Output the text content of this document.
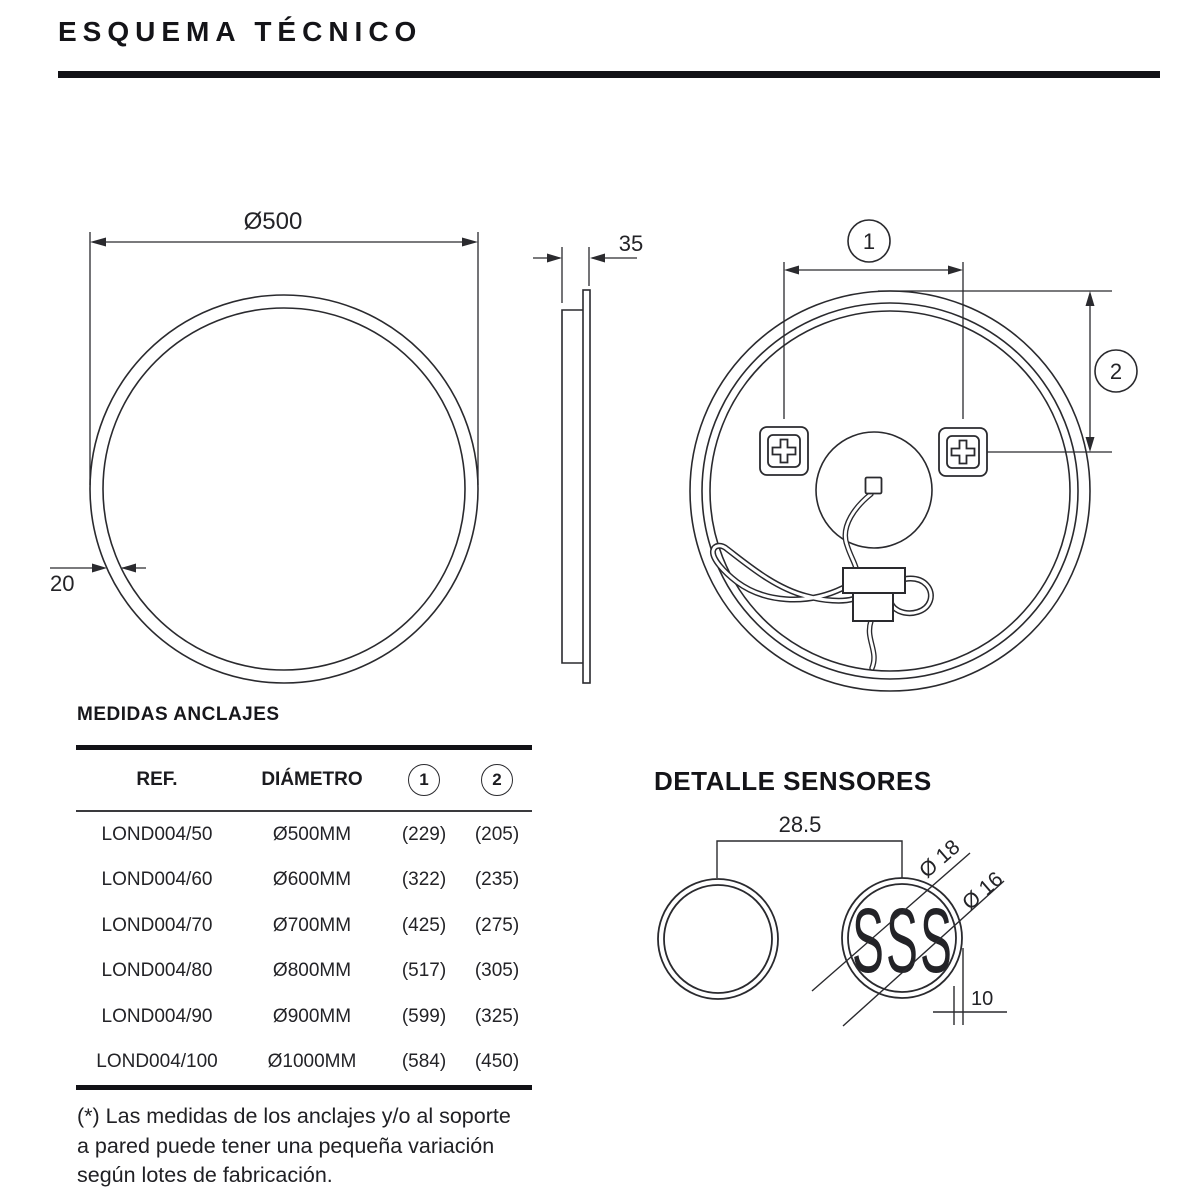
ESQUEMA TÉCNICO
Ø500
20
35	1
2
SSS
28.5
Ø 18
Ø 16
10
MEDIDAS ANCLAJES
REF.	DIÁMETRO	1	2
LOND004/50	Ø500MM	(229)	(205)
LOND004/60	Ø600MM	(322)	(235)
LOND004/70	Ø700MM	(425)	(275)
LOND004/80	Ø800MM	(517)	(305)
LOND004/90	Ø900MM	(599)	(325)
LOND004/100	Ø1000MM	(584)	(450)
(*) Las medidas de los anclajes y/o al soporte
a pared puede tener una pequeña variación
según lotes de fabricación.
DETALLE SENSORES
